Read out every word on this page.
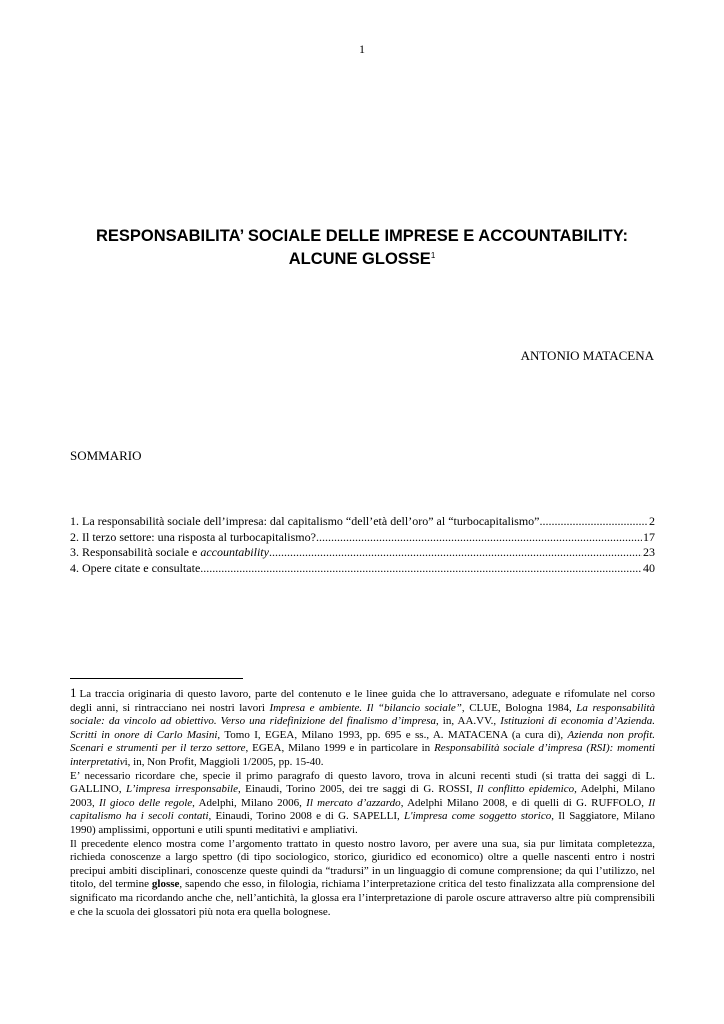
1
RESPONSABILITA’ SOCIALE DELLE IMPRESE E ACCOUNTABILITY:
ALCUNE GLOSSE$^1$
ANTONIO MATACENA
SOMMARIO
1. La responsabilità sociale dell’impresa: dal capitalismo “dell’età dell’oro” al “turbocapitalismo” .....	2
2. Il terzo settore: una risposta al turbocapitalismo? .....	17
3. Responsabilità sociale e accountability .....	23
4. Opere citate e consultate .....	40

1 La traccia originaria di questo lavoro, parte del contenuto e le linee guida che lo attraversano, adeguate e rifomulate nel corso degli anni, si rintracciano nei nostri lavori Impresa e ambiente. Il “bilancio sociale”, CLUE, Bologna 1984, La responsabilità sociale: da vincolo ad obiettivo. Verso una ridefinizione del finalismo d’impresa, in, AA.VV., Istituzioni di economia d’Azienda. Scritti in onore di Carlo Masini, Tomo I, EGEA, Milano 1993, pp. 695 e ss., A. MATACENA (a cura di), Azienda non profit. Scenari e strumenti per il terzo settore, EGEA, Milano 1999 e in particolare in Responsabilità sociale d’impresa (RSI): momenti interpretativi, in, Non Profit, Maggioli 1/2005, pp. 15-40.

E’ necessario ricordare che, specie il primo paragrafo di questo lavoro, trova in alcuni recenti studi (si tratta dei saggi di L. GALLINO, L’impresa irresponsabile, Einaudi, Torino 2005, dei tre saggi di G. ROSSI, Il conflitto epidemico, Adelphi, Milano 2003, Il gioco delle regole, Adelphi, Milano 2006, Il mercato d’azzardo, Adelphi Milano 2008, e di quelli di G. RUFFOLO, Il capitalismo ha i secoli contati, Einaudi, Torino 2008 e di G. SAPELLI, L'impresa come soggetto storico, Il Saggiatore, Milano 1990) amplissimi, opportuni e utili spunti meditativi e ampliativi.

Il precedente elenco mostra come l’argomento trattato in questo nostro lavoro, per avere una sua, sia pur limitata completezza, richieda conoscenze a largo spettro (di tipo sociologico, storico, giuridico ed economico) oltre a quelle nascenti entro i nostri precipui ambiti disciplinari, conoscenze queste quindi da “tradursi” in un linguaggio di comune comprensione; da qui l’utilizzo, nel titolo, del termine glosse, sapendo che esso, in filologia, richiama l’interpretazione critica del testo finalizzata alla comprensione del significato ma ricordando anche che, nell’antichità, la glossa era l’interpretazione di parole oscure attraverso altre più comprensibili e che la scuola dei glossatori più nota era quella bolognese.
